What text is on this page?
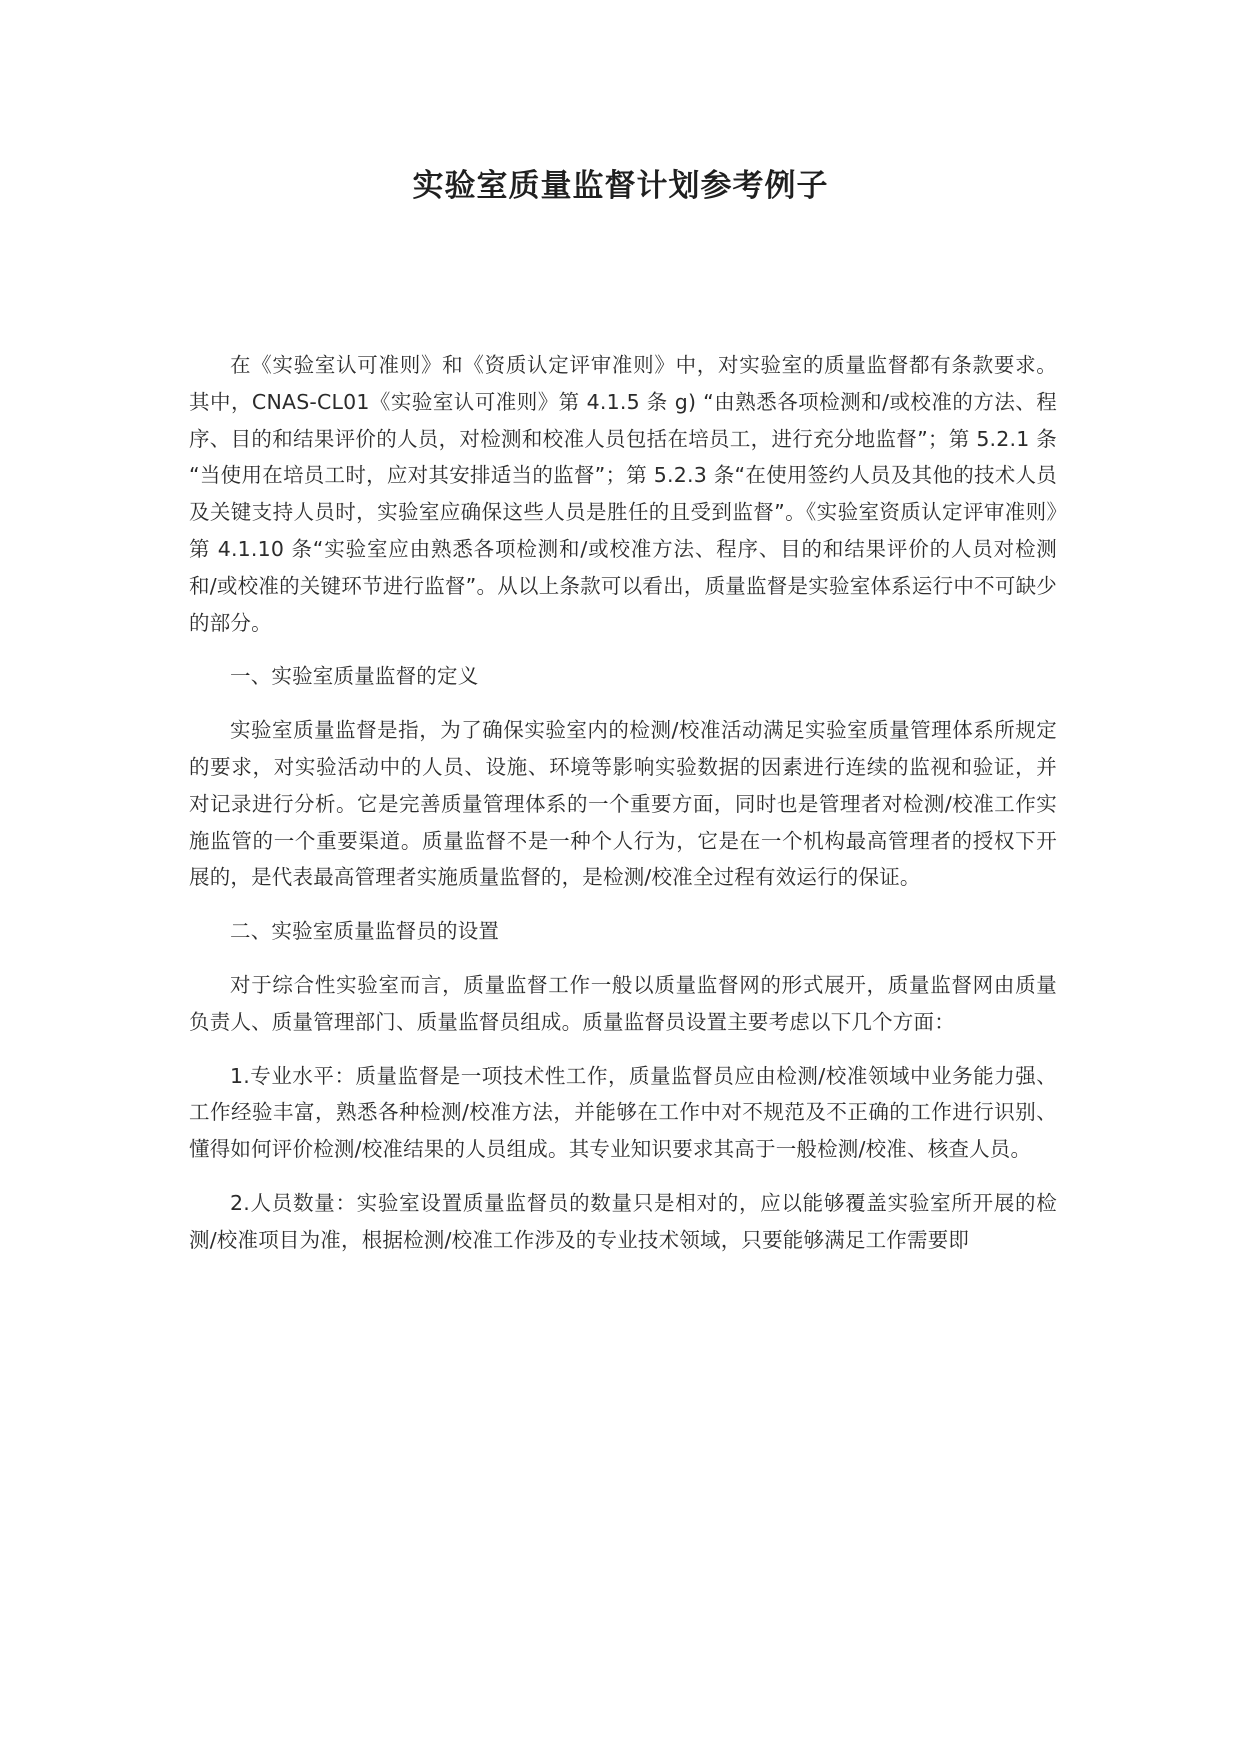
实验室质量监督计划参考例子

在《实验室认可准则》和《资质认定评审准则》中，对实验室的质量监督都有条款要求。其中，CNAS-CL01《实验室认可准则》第 4.1.5 条 g) “由熟悉各项检测和/或校准的方法、程序、目的和结果评价的人员，对检测和校准人员包括在培员工，进行充分地监督”；第 5.2.1 条 “当使用在培员工时，应对其安排适当的监督”；第 5.2.3 条“在使用签约人员及其他的技术人员及关键支持人员时，实验室应确保这些人员是胜任的且受到监督”。《实验室资质认定评审准则》第 4.1.10 条“实验室应由熟悉各项检测和/或校准方法、程序、目的和结果评价的人员对检测和/或校准的关键环节进行监督”。从以上条款可以看出，质量监督是实验室体系运行中不可缺少的部分。

一、实验室质量监督的定义

实验室质量监督是指，为了确保实验室内的检测/校准活动满足实验室质量管理体系所规定的要求，对实验活动中的人员、设施、环境等影响实验数据的因素进行连续的监视和验证，并对记录进行分析。它是完善质量管理体系的一个重要方面，同时也是管理者对检测/校准工作实施监管的一个重要渠道。质量监督不是一种个人行为，它是在一个机构最高管理者的授权下开展的，是代表最高管理者实施质量监督的，是检测/校准全过程有效运行的保证。

二、实验室质量监督员的设置

对于综合性实验室而言，质量监督工作一般以质量监督网的形式展开，质量监督网由质量负责人、质量管理部门、质量监督员组成。质量监督员设置主要考虑以下几个方面：

1.专业水平：质量监督是一项技术性工作，质量监督员应由检测/校准领域中业务能力强、工作经验丰富，熟悉各种检测/校准方法，并能够在工作中对不规范及不正确的工作进行识别、懂得如何评价检测/校准结果的人员组成。其专业知识要求其高于一般检测/校准、核查人员。

2.人员数量：实验室设置质量监督员的数量只是相对的，应以能够覆盖实验室所开展的检测/校准项目为准，根据检测/校准工作涉及的专业技术领域，只要能够满足工作需要即
